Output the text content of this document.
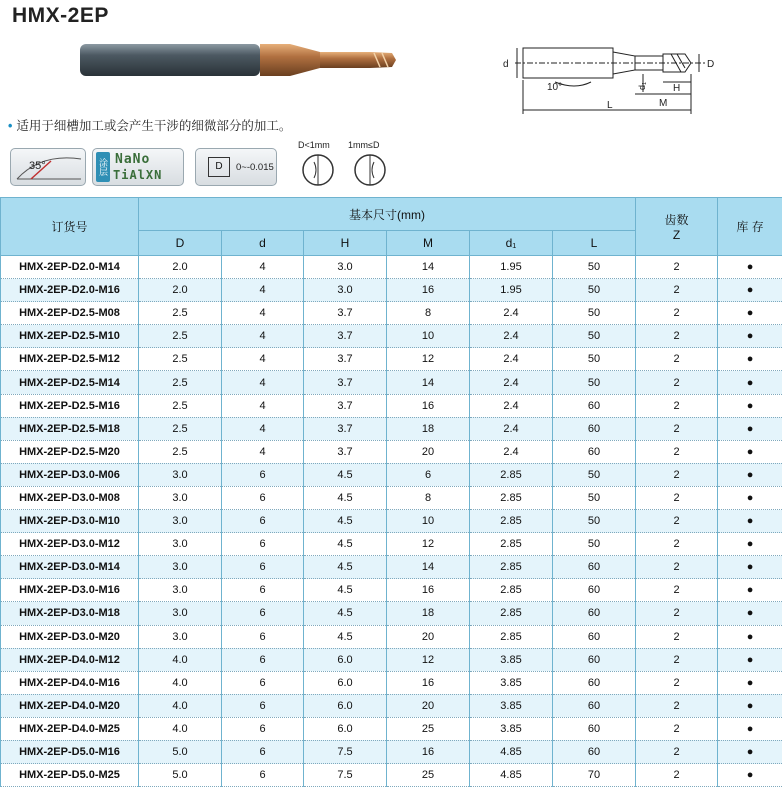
HMX-2EP
d	D
d₁	H
M
L
10°
• 适用于细槽加工或会产生干涉的细微部分的加工。
35°	涂层 NaNo
TiAlXN
D	0~-0.015
D<1mm 1mm≤D
订货号	基本尺寸(mm)						齿数
Z	库 存
	D	d	H	M	d₁	L		
HMX-2EP-D2.0-M14	2.0	4	3.0	14	1.95	50	2	●
HMX-2EP-D2.0-M16	2.0	4	3.0	16	1.95	50	2	●
HMX-2EP-D2.5-M08	2.5	4	3.7	8	2.4	50	2	●
HMX-2EP-D2.5-M10	2.5	4	3.7	10	2.4	50	2	●
HMX-2EP-D2.5-M12	2.5	4	3.7	12	2.4	50	2	●
HMX-2EP-D2.5-M14	2.5	4	3.7	14	2.4	50	2	●
HMX-2EP-D2.5-M16	2.5	4	3.7	16	2.4	60	2	●
HMX-2EP-D2.5-M18	2.5	4	3.7	18	2.4	60	2	●
HMX-2EP-D2.5-M20	2.5	4	3.7	20	2.4	60	2	●
HMX-2EP-D3.0-M06	3.0	6	4.5	6	2.85	50	2	●
HMX-2EP-D3.0-M08	3.0	6	4.5	8	2.85	50	2	●
HMX-2EP-D3.0-M10	3.0	6	4.5	10	2.85	50	2	●
HMX-2EP-D3.0-M12	3.0	6	4.5	12	2.85	50	2	●
HMX-2EP-D3.0-M14	3.0	6	4.5	14	2.85	60	2	●
HMX-2EP-D3.0-M16	3.0	6	4.5	16	2.85	60	2	●
HMX-2EP-D3.0-M18	3.0	6	4.5	18	2.85	60	2	●
HMX-2EP-D3.0-M20	3.0	6	4.5	20	2.85	60	2	●
HMX-2EP-D4.0-M12	4.0	6	6.0	12	3.85	60	2	●
HMX-2EP-D4.0-M16	4.0	6	6.0	16	3.85	60	2	●
HMX-2EP-D4.0-M20	4.0	6	6.0	20	3.85	60	2	●
HMX-2EP-D4.0-M25	4.0	6	6.0	25	3.85	60	2	●
HMX-2EP-D5.0-M16	5.0	6	7.5	16	4.85	60	2	●
HMX-2EP-D5.0-M25	5.0	6	7.5	25	4.85	70	2	●
